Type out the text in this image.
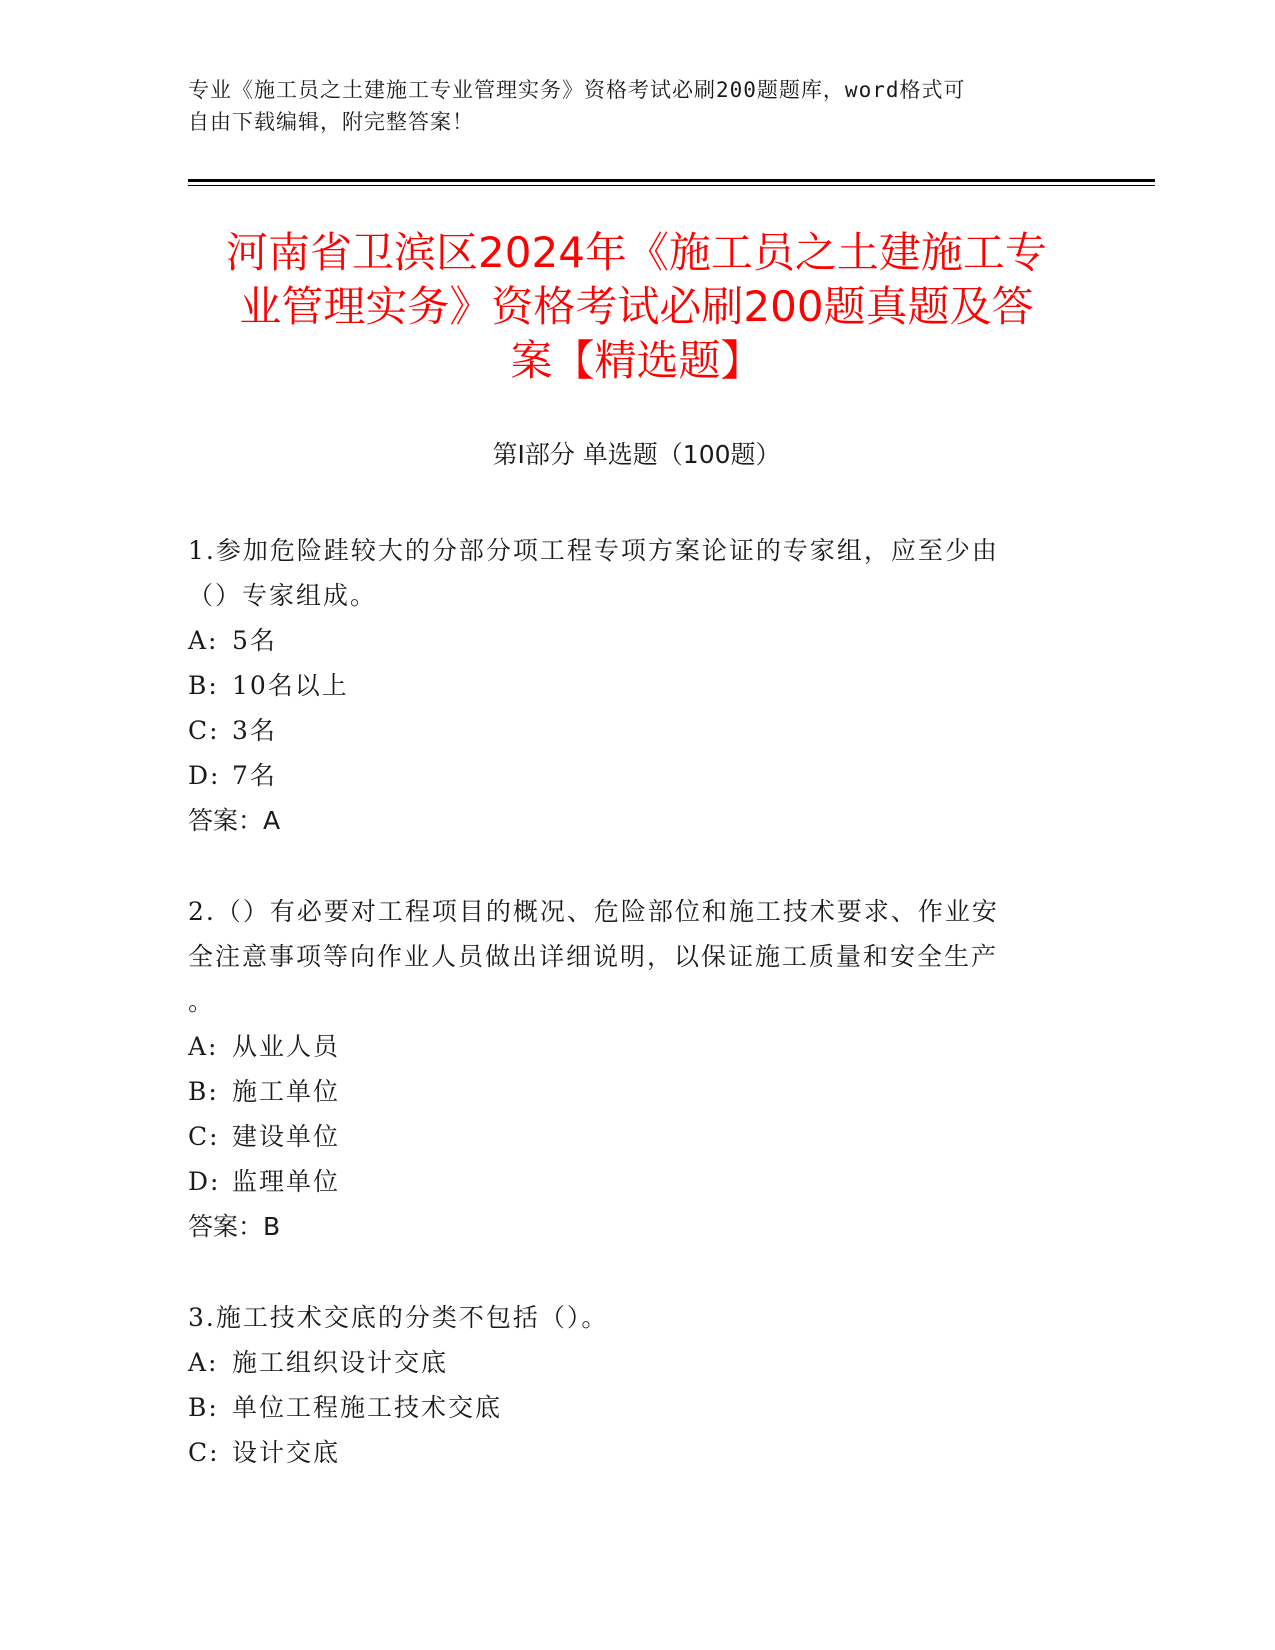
专业《施工员之土建施工专业管理实务》资格考试必刷200题题库，word格式可
自由下载编辑，附完整答案！
河南省卫滨区2024年《施工员之土建施工专
业管理实务》资格考试必刷200题真题及答
案【精选题】
第Ⅰ部分 单选题（100题）
1.参加危险跬较大的分部分项工程专项方案论证的专家组，应至少由
（）专家组成。
A: 5名
B: 10名以上
C: 3名
D: 7名
答案：A
2.（）有必要对工程项目的概况、危险部位和施工技术要求、作业安
全注意事项等向作业人员做出详细说明，以保证施工质量和安全生产
。
A: 从业人员
B: 施工单位
C: 建设单位
D: 监理单位
答案：B
3.施工技术交底的分类不包括（）。
A: 施工组织设计交底
B: 单位工程施工技术交底
C: 设计交底
